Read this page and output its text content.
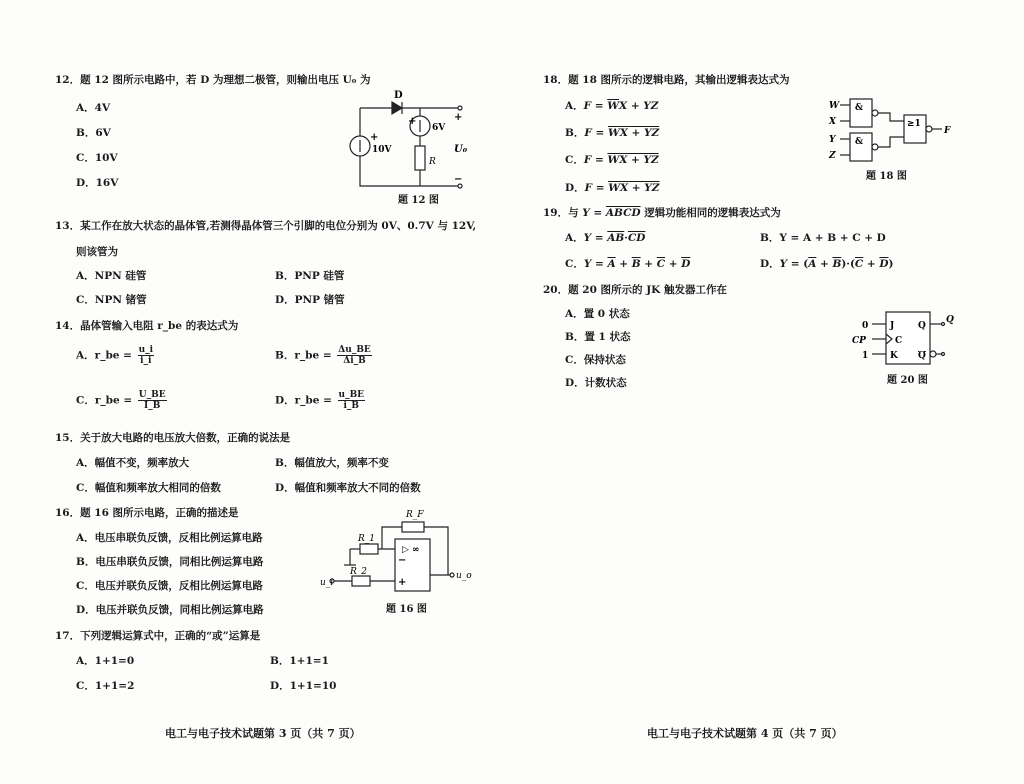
12．题 12 图所示电路中，若 D 为理想二极管，则输出电压 U₀ 为
A．4V
B．6V
C．10V
D．16V
D
+
10V
+
6V
R
+
U₀
−
题 12 图
13．某工作在放大状态的晶体管,若测得晶体管三个引脚的电位分别为 0V、0.7V 与 12V,
则该管为
A．NPN 硅管	B．PNP 硅管
C．NPN 锗管	D．PNP 锗管
14．晶体管输入电阻 r_be 的表达式为
A．r_be = $\frac{u\_i}{i\_i}$	B．r_be = $\frac{\Delta u\_BE}{\Delta i\_B}$
C．r_be = $\frac{U\_BE}{I\_B}$	D．r_be = $\frac{u\_BE}{i\_B}$
15．关于放大电路的电压放大倍数，正确的说法是
A．幅值不变，频率放大	B．幅值放大，频率不变
C．幅值和频率放大相同的倍数	D．幅值和频率放大不同的倍数
16．题 16 图所示电路，正确的描述是
A．电压串联负反馈，反相比例运算电路
B．电压串联负反馈，同相比例运算电路
C．电压并联负反馈，反相比例运算电路
D．电压并联负反馈，同相比例运算电路
R_F
R_1
R_2
▷ ∞
−
+
u_i
u_o
题 16 图
17．下列逻辑运算式中，正确的“或”运算是
A．1+1=0	B．1+1=1
C．1+1=2	D．1+1=10
电工与电子技术试题第 3 页（共 7 页）
18．题 18 图所示的逻辑电路，其输出逻辑表达式为
A．$F = \overline{W}X$ + YZ
B．F = WX + YZ
C．F = WX + YZ
D．F = WX + YZ
W
X
Y
Z
&
&
≥1
F
题 18 图
19．与 Y = ABCD 逻辑功能相同的逻辑表达式为
A．$Y = \overline{AB}\cdot\overline{CD}$	B．Y = A + B + C + D
C．$Y = \overline{A} + \overline{B} + \overline{C} + \overline{D}$	D．$Y = (\overline{A} + \overline{B})\cdot(\overline{C} + \overline{D})$
20．题 20 图所示的 JK 触发器工作在
A．置 0 状态
B．置 1 状态
C．保持状态
D．计数状态
0
CP
1
J
C
K
Q
Q
Q
题 20 图
电工与电子技术试题第 4 页（共 7 页）
